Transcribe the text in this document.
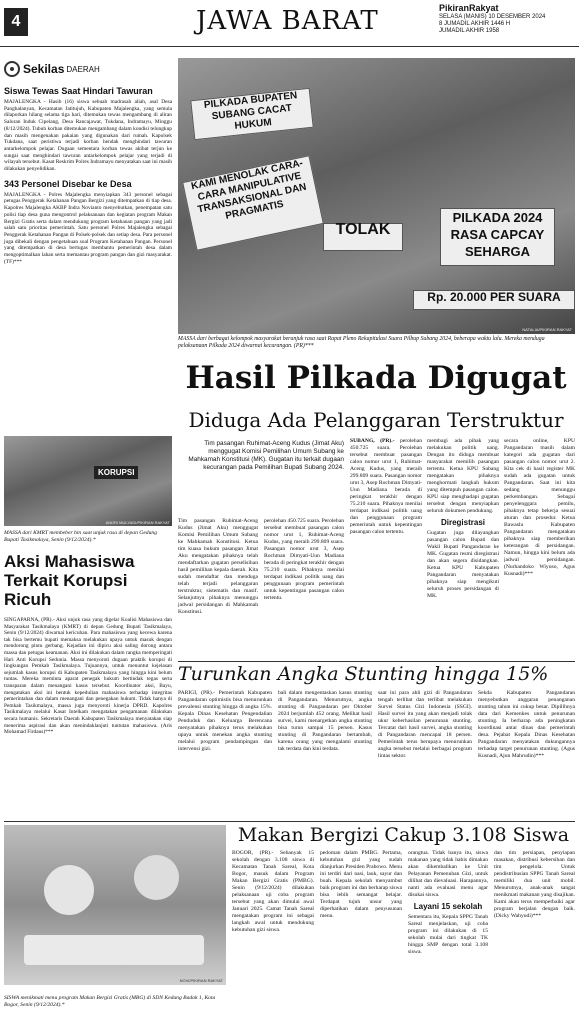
4	JAWA BARAT	PikiranRakyat
SELASA (MANIS) 10 DESEMBER 2024
8 JUMADIL AKHIR 1446 H
JUMADIL AKHIR 1958
Sekilas DAERAH
Siswa Tewas Saat Hindari Tawuran

MAJALENGKA - Hasib (16) siswa sebuah madrasah aliah, asal Desa Panghalanyan, Kecamatan Jatitujuh, Kabupaten Majalengka, yang semula dilaporkan hilang selama tiga hari, ditemukan tewas mengambang di aliran Saluran Induk Cipelang, Desa Rancajawat, Tukdana, Indramayu, Minggu (8/12/2024). Tubuh korban ditemukan mengambang dalam kondisi telungkup dan masih mengenakan pakaian yang digunakan dari rumah. Kapolsek Tukdana, saat peristiwa terjadi korban hendak menghindari tawuran antarkelompok pelajar. Dugaan sementara korban tewas akibat terjun ke sungai saat menghindari tawuran antarkelompok pelajar yang terjadi di wilayah tersebut. Kasat Reskrim Polres Indramayu menyatakan saat ini masih dilakukan penyelidikan.

343 Personel Disebar ke Desa

MAJALENGKA - Polres Majalengka menyiapkan 343 personel sebagai petugas Penggerak Ketahanan Pangan Bergizi yang ditempatkan di tiap desa. Kapolres Majalengka AKBP Indra Novianto menyebutkan, penempatan satu polisi tiap desa guna mengontrol pelaksanaan dan kegiatan program Makan Bergizi Gratis serta dalam mendukung program ketahanan pangan yang jadi salah satu prioritas pemerintah. Satu personel Polres Majalengka sebagai Penggerak Ketahanan Pangan di Polsek-polsek dan setiap desa. Para personel juga dibekali dengan pengetahuan soal Program Ketahanan Pangan. Personel yang ditempatkan di desa bertugas membantu pemerintah desa dalam mengoptimalkan lahan serta memantau program pangan dan gizi masyarakat. (TF)***

KORUPSI
ANDRI MULYADI/PIKIRAN RAKYAT
MASSA dari KMRT membeber hin saat unjuk rasa di depan Gedung Bupati Tasikmalaya, Senin (9/12/2024).*
Aksi Mahasiswa Terkait Korupsi Ricuh
SINGAPARNA, (PR).- Aksi unjuk rasa yang digelar Koalisi Mahasiswa dan Masyarakat Tasikmalaya (KMRT) di depan Gedung Bupati Tasikmalaya, Senin (9/12/2024) diwarnai kericuhan. Para mahasiswa yang kecewa karena tak bisa bertemu bupati memaksa melakukan upaya untuk masuk dengan mendorong pintu gerbang. Kejadian ini dipicu aksi saling dorong antara massa dan petugas keamanan. Aksi ini dilakukan dalam rangka memperingati Hari Anti Korupsi Sedunia. Massa menyoroti dugaan praktik korupsi di lingkungan Pemkab Tasikmalaya. Tujuannya, untuk menuntut kejelasan sejumlah kasus korupsi di Kabupaten Tasikmalaya yang hingga kini belum tuntas. Mereka meminta aparat penegak hukum bertindak tegas serta transparan dalam menangani kasus tersebut. Koordinator aksi, Bayu, mengatakan aksi ini bentuk kepedulian mahasiswa terhadap integritas pemerintahan dan dalam menangani dan penegakan hukum. Tidak hanya di Pemkab Tasikmalaya, massa juga menyoroti kinerja DPRD. Kapolres Tasikmalaya melalui Kasat Intelkam mengatakan pengamanan dilakukan secara humanis. Sekretaris Daerah Kabupaten Tasikmalaya menyatakan siap menerima aspirasi dan akan menindaklanjuti tuntutan mahasiswa. (Aris Mohamad Firdaus)***
PILKADA BUPATEN SUBANG CACAT HUKUM
KAMI MENOLAK CARA-CARA MANIPULATIVE TRANSAKSIONAL DAN PRAGMATIS
TOLAK
PILKADA 2024 RASA CAPCAY SEHARGA
Rp. 20.000 PER SUARA
NATALIA/PIKIRAN RAKYAT
MASSA dari berbagai kelompok masyarakat berunjuk rasa saat Rapat Pleno Rekapitulasi Suara Pilbup Subang 2024, beberapa waktu lalu. Mereka menduga pelaksanaan Pilkada 2024 diwarnai kecurangan. (PR)***
Hasil Pilkada Digugat
Diduga Ada Pelanggaran Terstruktur
Tim pasangan Ruhimat-Aceng Kudus (Jimat Aku) menggugat Komisi Pemilihan Umum Subang ke Mahkamah Konstitusi (MK). Gugatan itu terkait dugaan kecurangan pada Pemilihan Bupati Subang 2024.
Tim pasangan Ruhimat-Aceng Kudus (Jimat Aku) menggugat Komisi Pemilihan Umum Subang ke Mahkamah Konstitusi. Ketua tim kuasa hukum pasangan Jimat Aku mengatakan pihaknya telah mendaftarkan gugatan perselisihan hasil pemilihan kepala daerah. Kita sudah mendaftar dan menduga telah terjadi pelanggaran terstruktur, sistematis dan masif. Selanjutnya pihaknya menunggu jadwal persidangan di Mahkamah Konstitusi.
perolehan 450.725 suara. Perolehan tersebut membuat pasangan calon nomor urut 1, Ruhimat-Aceng Kudus, yang meraih 299.809 suara. Pasangan nomor urut 3, Asep Rochman Dimyati-Uun Madiana berada di peringkat terakhir dengan 75.210 suara. Pihaknya menilai terdapat indikasi politik uang dan penggunaan program pemerintah untuk kepentingan pasangan calon tertentu.
SUBANG, (PR).- perolehan 450.725 suara. Perolehan tersebut membuat pasangan calon nomor urut 1, Ruhimat-Aceng Kudus, yang meraih 299.809 suara. Pasangan nomor urut 3, Asep Rochman Dimyati-Uun Madiana berada di peringkat terakhir dengan 75.210 suara. Pihaknya menilai terdapat indikasi politik uang dan penggunaan program pemerintah untuk kepentingan pasangan calon tertentu.
membagi ada pihak yang melakukan politik uang. Dengan itu diduga membuat masyarakat memilih pasangan tertentu. Ketua KPU Subang mengatakan pihaknya menghormati langkah hukum yang ditempuh pasangan calon. KPU siap menghadapi gugatan tersebut dengan menyiapkan seluruh dokumen pendukung.
Diregistrasi
Gugatan juga dilayangkan pasangan calon Bupati dan Wakil Bupati Pangandaran ke MK. Gugatan resmi diregistrasi dan akan segera disidangkan. Ketua KPU Kabupaten Pangandaran menyatakan pihaknya siap mengikuti seluruh proses persidangan di MK.
secara online, KPU Pangandaran masih dalam kategori ada gugatan dari pasangan calon nomor urut 2. Kita cek di hasil register MK sudah ada gugatan untuk Pangandaran. Saat ini kita sedang menunggu perkembangan. Sebagai penyelenggara pemilu, pihaknya tetap bekerja sesuai aturan dan prosedur. Ketua Bawaslu Kabupaten Pangandaran mengatakan pihaknya siap memberikan keterangan di persidangan. Namun, hingga kini belum ada jadwal persidangan. (Nurhandoko Wiyoso, Agus Kusnadi)***
Turunkan Angka Stunting hingga 15%
PARIGI, (PR).- Pemerintah Kabupaten Pangandaran optimistis bisa menurunkan prevalensi stunting hingga di angka 15%. Kepala Dinas Kesehatan Pengendalian Penduduk dan Keluarga Berencana menyatakan pihaknya terus melakukan upaya untuk menekan angka stunting melalui program pendampingan dan intervensi gizi.
bali dalam mengentaskan kasus stunting di Pangandaran. Menurutnya, angka stunting di Pangandaran per Oktober 2024 berjumlah 452 orang. Melihat hasil survei, kami menargetkan angka stunting bisa turun sampai 15 persen. Kasus stunting di Pangandaran bertambah, karena orang yang mengalami stunting tak terdata dan kini terdata.
saat ini para ahli gizi di Pangandaran tengah terlibat dan terlibat melakukan Survei Status Gizi Indonesia (SSGI). Hasil survei itu yang akan menjadi tolak ukur keberhasilan penurunan stunting. Tercatat dari hasil survei, angka stunting di Pangandaran mencapai 18 persen. Pemerintah terus berupaya menurunkan angka tersebut melalui berbagai program lintas sektor.
Sekda Kabupaten Pangandaran menyebutkan anggaran penanganan stunting tahun ini cukup besar. Dipilihnya data dari Kemenkes untuk penurunan stunting. Ia berharap ada peningkatan koordinasi antar dinas dan pemerintah desa. Pejabat Kepala Dinas Kesehatan Pangandaran menyatakan dukungannya terhadap target penurunan stunting. (Agus Kusnadi, Ajun Mahrudin)***
NOVI/PIKIRAN RAKYAT
SISWA menikmati menu program Makan Bergizi Gratis (MBG) di SDN Kedung Badak 1, Kota Bogor, Senin (9/12/2024).*
Makan Bergizi Cakup 3.108 Siswa
BOGOR, (PR).- Sebanyak 15 sekolah dengan 3.108 siswa di Kecamatan Tanah Sareal, Kota Bogor, masuk dalam Program Makan Bergizi Gratis (PMBG). Senin (9/12/2024) dilakukan pelaksanaan uji coba program tersebut yang akan dimulai awal Januari 2025. Camat Tanah Sareal mengatakan program ini sebagai langkah awal untuk mendukung kebutuhan gizi siswa.
pedoman dalam PMBG. Pertama, kebutuhan gizi yang sudah dianjurkan Presiden Prabowo. Menu ini terdiri dari nasi, lauk, sayur dan buah. Kepala sekolah menyambut baik program ini dan berharap siswa bisa lebih semangat belajar. Terdapat tujuh unsur yang diperhatikan dalam penyusunan menu.
orangtua. Tidak hanya itu, siswa makanan yang tidak habis dimakan akan dikembalikan ke Unit Pelayanan Pemenuhan Gizi, untuk dilihat dan dievaluasi. Harapannya, nanti ada evaluasi menu agar disukai siswa.
Layani 15 sekolah
Sementara itu, Kepala SPPG Tanah Sareal menjelaskan, uji coba program ini dilakukan di 15 sekolah mulai dari tingkat TK hingga SMP dengan total 3.108 siswa.
dan tim persiapan, penyiapan masakan, distribusi kebersihan dan tim pengelola. Untuk pendistribusian SPPG Tanah Sareal memiliki dua unit mobil. Menurutnya, anak-anak sangat menikmati makanan yang disajikan. Kami akan terus memperbaiki agar program berjalan dengan baik. (Dicky Wahyudi)***
